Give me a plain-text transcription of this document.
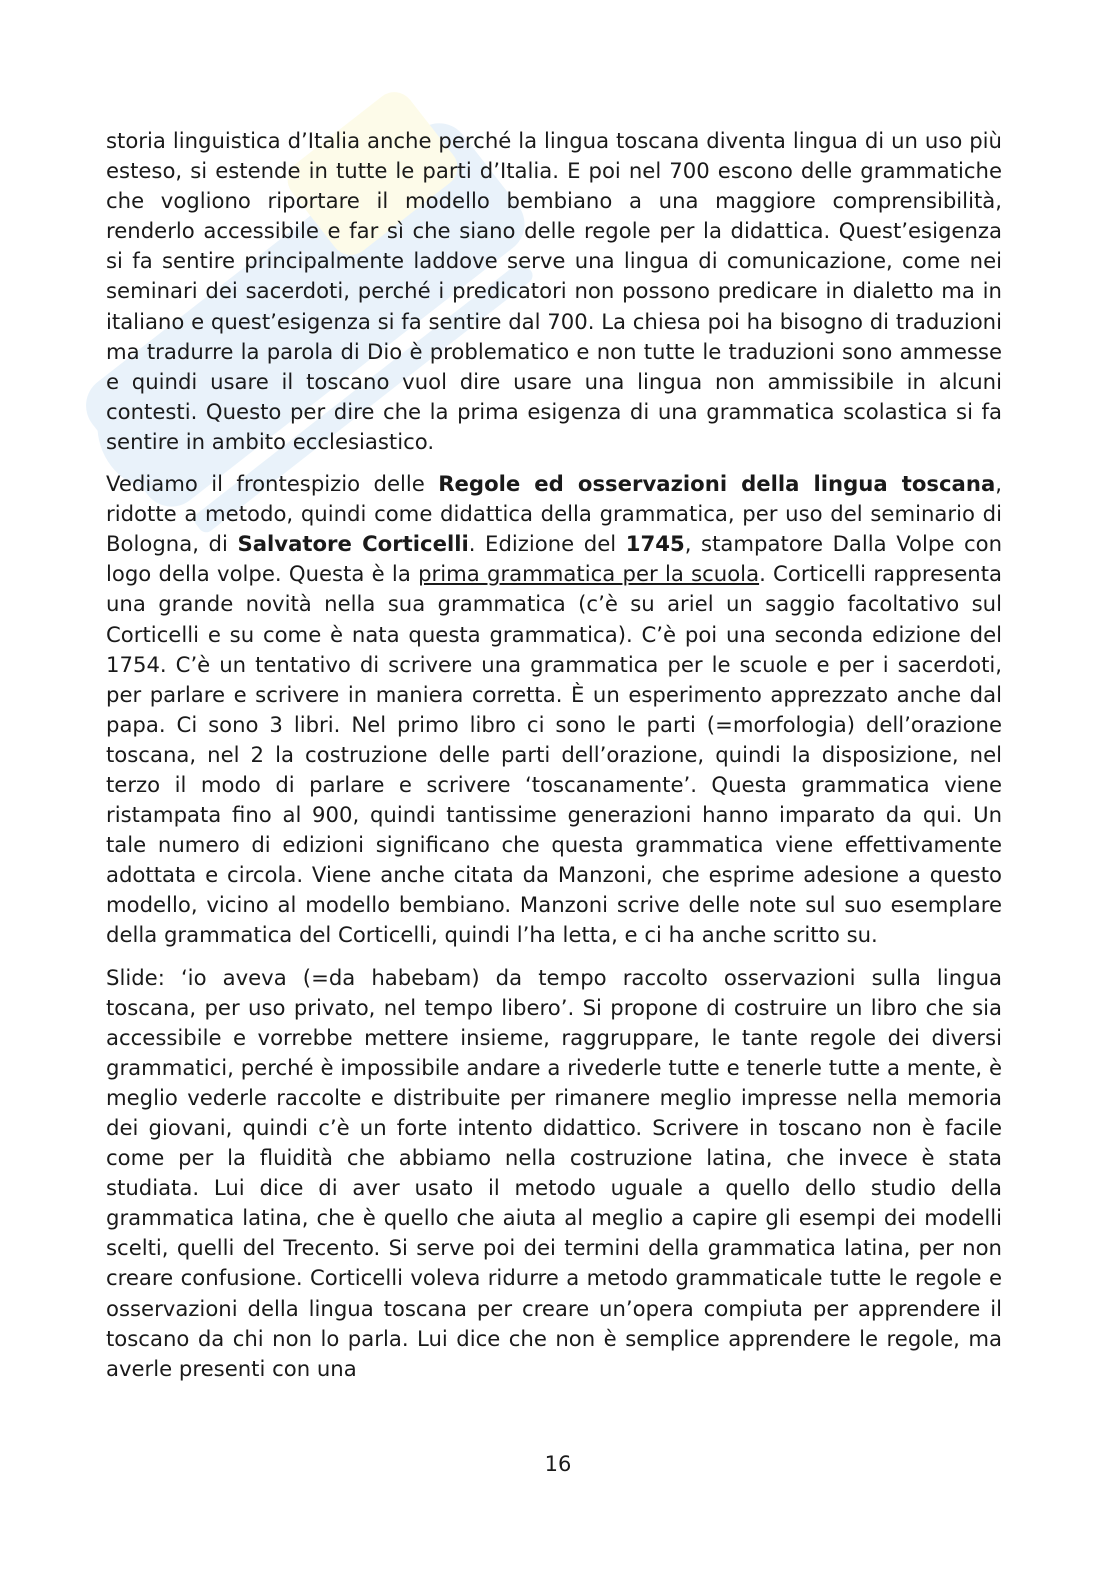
storia linguistica d’Italia anche perché la lingua toscana diventa lingua di un uso più esteso, si estende in tutte le parti d’Italia. E poi nel 700 escono delle grammatiche che vogliono riportare il modello bembiano a una maggiore comprensibilità, renderlo accessibile e far sì che siano delle regole per la didattica. Quest’esigenza si fa sentire principalmente laddove serve una lingua di comunicazione, come nei seminari dei sacerdoti, perché i predicatori non possono predicare in dialetto ma in italiano e quest’esigenza si fa sentire dal 700. La chiesa poi ha bisogno di traduzioni ma tradurre la parola di Dio è problematico e non tutte le traduzioni sono ammesse e quindi usare il toscano vuol dire usare una lingua non ammissibile in alcuni contesti. Questo per dire che la prima esigenza di una grammatica scolastica si fa sentire in ambito ecclesiastico.

Vediamo il frontespizio delle Regole ed osservazioni della lingua toscana, ridotte a metodo, quindi come didattica della grammatica, per uso del seminario di Bologna, di Salvatore Corticelli. Edizione del 1745, stampatore Dalla Volpe con logo della volpe. Questa è la prima grammatica per la scuola. Corticelli rappresenta una grande novità nella sua grammatica (c’è su ariel un saggio facoltativo sul Corticelli e su come è nata questa grammatica). C’è poi una seconda edizione del 1754. C’è un tentativo di scrivere una grammatica per le scuole e per i sacerdoti, per parlare e scrivere in maniera corretta. È un esperimento apprezzato anche dal papa. Ci sono 3 libri. Nel primo libro ci sono le parti (=morfologia) dell’orazione toscana, nel 2 la costruzione delle parti dell’orazione, quindi la disposizione, nel terzo il modo di parlare e scrivere ‘toscanamente’. Questa grammatica viene ristampata fino al 900, quindi tantissime generazioni hanno imparato da qui. Un tale numero di edizioni significano che questa grammatica viene effettivamente adottata e circola. Viene anche citata da Manzoni, che esprime adesione a questo modello, vicino al modello bembiano. Manzoni scrive delle note sul suo esemplare della grammatica del Corticelli, quindi l’ha letta, e ci ha anche scritto su.

Slide: ‘io aveva (=da habebam) da tempo raccolto osservazioni sulla lingua toscana, per uso privato, nel tempo libero’. Si propone di costruire un libro che sia accessibile e vorrebbe mettere insieme, raggruppare, le tante regole dei diversi grammatici, perché è impossibile andare a rivederle tutte e tenerle tutte a mente, è meglio vederle raccolte e distribuite per rimanere meglio impresse nella memoria dei giovani, quindi c’è un forte intento didattico. Scrivere in toscano non è facile come per la fluidità che abbiamo nella costruzione latina, che invece è stata studiata. Lui dice di aver usato il metodo uguale a quello dello studio della grammatica latina, che è quello che aiuta al meglio a capire gli esempi dei modelli scelti, quelli del Trecento. Si serve poi dei termini della grammatica latina, per non creare confusione. Corticelli voleva ridurre a metodo grammaticale tutte le regole e osservazioni della lingua toscana per creare un’opera compiuta per apprendere il toscano da chi non lo parla. Lui dice che non è semplice apprendere le regole, ma averle presenti con una

16
